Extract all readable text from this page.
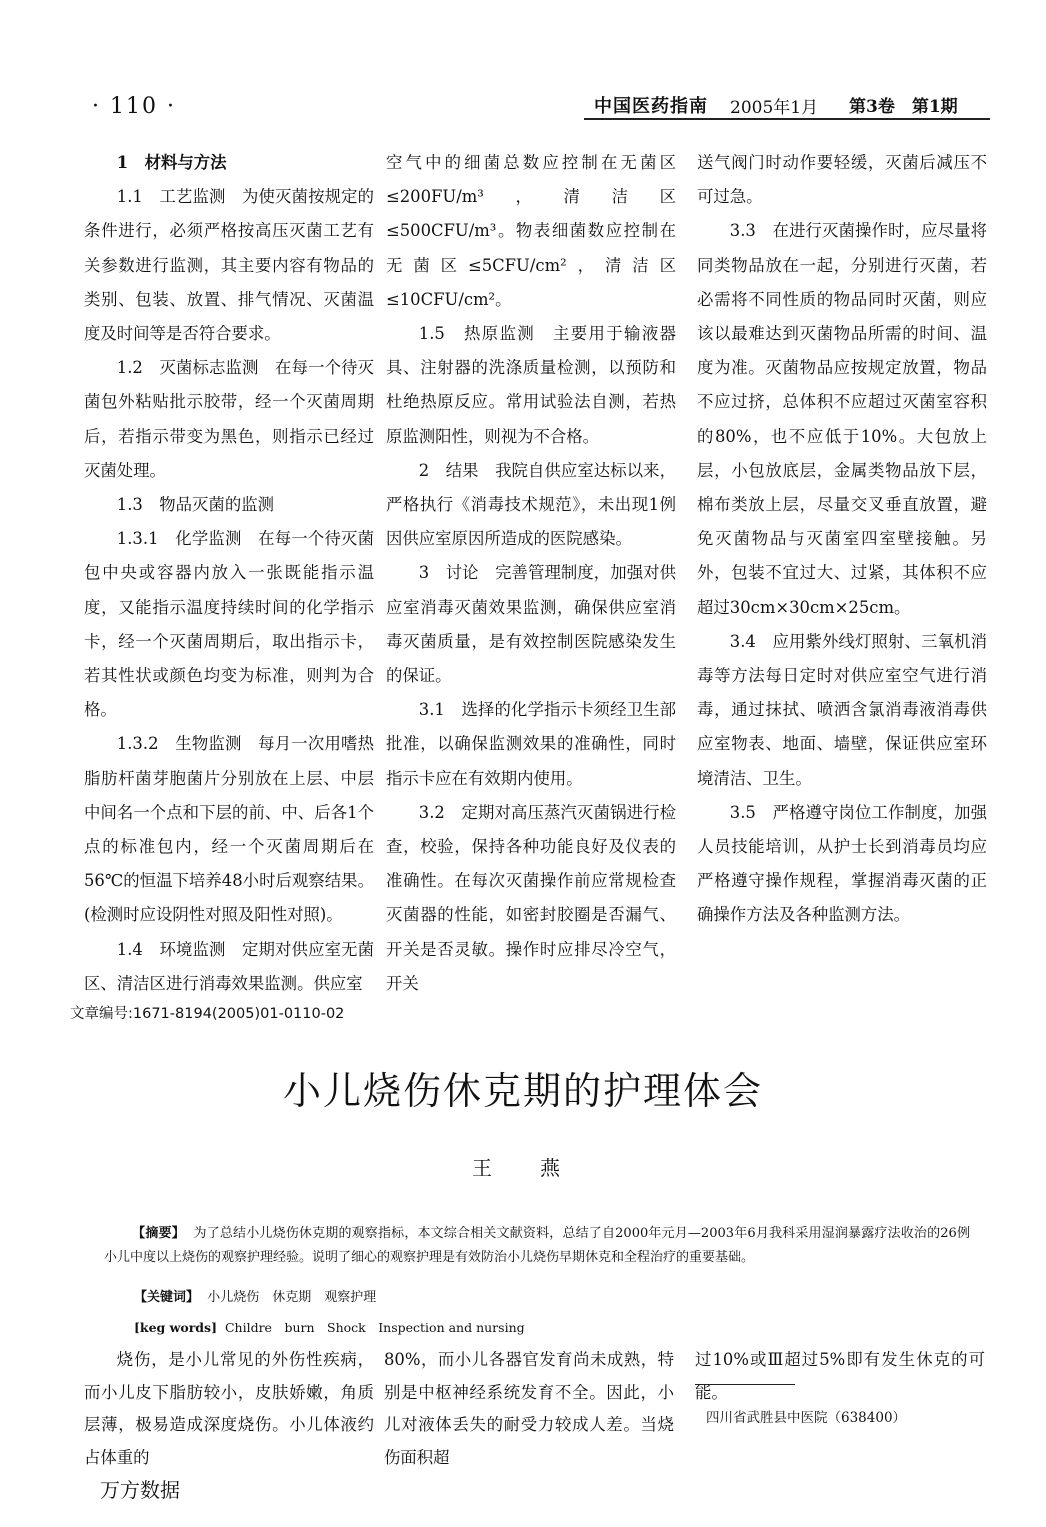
· 110 ·	中国医药指南 2005年1月 第3卷　第1期

1　材料与方法

1.1　工艺监测　为使灭菌按规定的条件进行，必须严格按高压灭菌工艺有关参数进行监测，其主要内容有物品的类别、包装、放置、排气情况、灭菌温度及时间等是否符合要求。

1.2　灭菌标志监测　在每一个待灭菌包外粘贴批示胶带，经一个灭菌周期后，若指示带变为黑色，则指示已经过灭菌处理。

1.3　物品灭菌的监测

1.3.1　化学监测　在每一个待灭菌包中央或容器内放入一张既能指示温度，又能指示温度持续时间的化学指示卡，经一个灭菌周期后，取出指示卡，若其性状或颜色均变为标准，则判为合格。

1.3.2　生物监测　每月一次用嗜热脂肪杆菌芽胞菌片分别放在上层、中层中间名一个点和下层的前、中、后各1个点的标准包内，经一个灭菌周期后在56℃的恒温下培养48小时后观察结果。(检测时应设阴性对照及阳性对照)。

1.4　环境监测　定期对供应室无菌区、清洁区进行消毒效果监测。供应室

空气中的细菌总数应控制在无菌区≤200FU/m³，清洁区≤500CFU/m³。物表细菌数应控制在无菌区≤5CFU/cm²，清洁区≤10CFU/cm²。

1.5　热原监测　主要用于输液器具、注射器的洗涤质量检测，以预防和杜绝热原反应。常用试验法自测，若热原监测阳性，则视为不合格。

2　结果　我院自供应室达标以来，严格执行《消毒技术规范》，未出现1例因供应室原因所造成的医院感染。

3　讨论　完善管理制度，加强对供应室消毒灭菌效果监测，确保供应室消毒灭菌质量，是有效控制医院感染发生的保证。

3.1　选择的化学指示卡须经卫生部批准，以确保监测效果的准确性，同时指示卡应在有效期内使用。

3.2　定期对高压蒸汽灭菌锅进行检查，校验，保持各种功能良好及仪表的准确性。在每次灭菌操作前应常规检查灭菌器的性能，如密封胶圈是否漏气、开关是否灵敏。操作时应排尽冷空气，开关

送气阀门时动作要轻缓，灭菌后减压不可过急。

3.3　在进行灭菌操作时，应尽量将同类物品放在一起，分别进行灭菌，若必需将不同性质的物品同时灭菌，则应该以最难达到灭菌物品所需的时间、温度为准。灭菌物品应按规定放置，物品不应过挤，总体积不应超过灭菌室容积的80%，也不应低于10%。大包放上层，小包放底层，金属类物品放下层，棉布类放上层，尽量交叉垂直放置，避免灭菌物品与灭菌室四室壁接触。另外，包装不宜过大、过紧，其体积不应超过30cm×30cm×25cm。

3.4　应用紫外线灯照射、三氧机消毒等方法每日定时对供应室空气进行消毒，通过抹拭、喷洒含氯消毒液消毒供应室物表、地面、墙壁，保证供应室环境清洁、卫生。

3.5　严格遵守岗位工作制度，加强人员技能培训，从护士长到消毒员均应严格遵守操作规程，掌握消毒灭菌的正确操作方法及各种监测方法。

文章编号:1671-8194(2005)01-0110-02
小儿烧伤休克期的护理体会
王　燕
【摘要】 为了总结小儿烧伤休克期的观察指标，本文综合相关文献资料，总结了自2000年元月—2003年6月我科采用湿润暴露疗法收治的26例小儿中度以上烧伤的观察护理经验。说明了细心的观察护理是有效防治小儿烧伤早期休克和全程治疗的重要基础。
【关键词】 小儿烧伤　休克期　观察护理
[keg words] Childre　burn　Shock　Inspection and nursing

烧伤，是小儿常见的外伤性疾病，而小儿皮下脂肪较小，皮肤娇嫩，角质层薄，极易造成深度烧伤。小儿体液约占体重的

80%，而小儿各器官发育尚未成熟，特别是中枢神经系统发育不全。因此，小儿对液体丢失的耐受力较成人差。当烧伤面积超

过10%或Ⅲ超过5%即有发生休克的可能。

四川省武胜县中医院（638400）
万方数据
